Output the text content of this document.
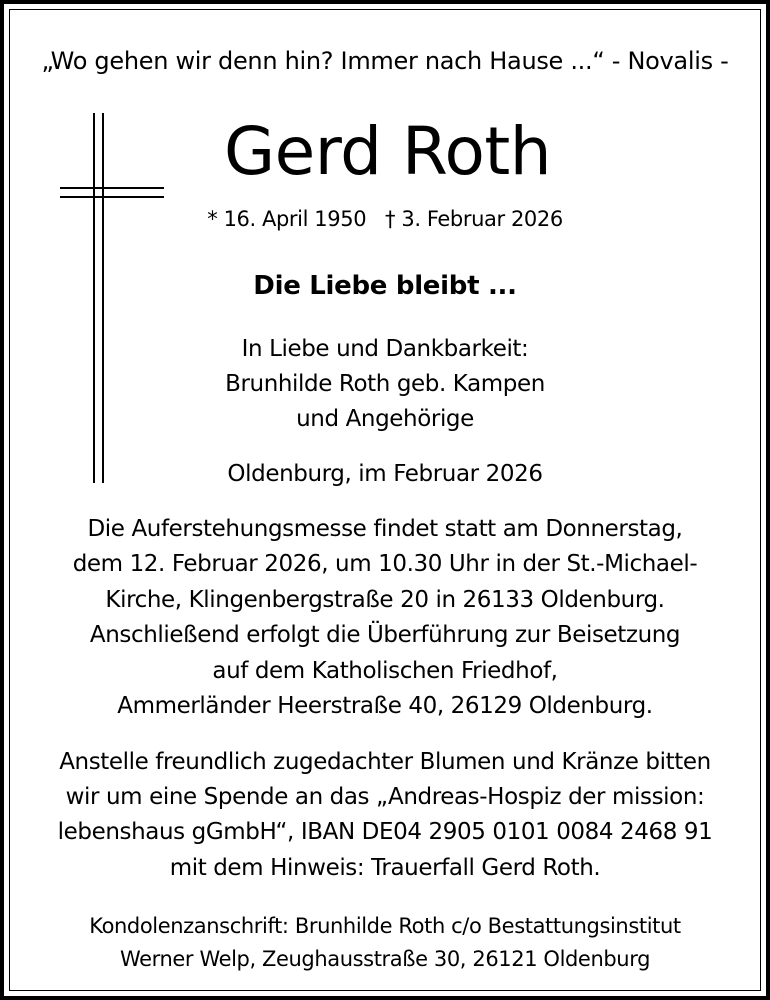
„Wo gehen wir denn hin? Immer nach Hause ...“ - Novalis -
Gerd Roth
* 16. April 1950   † 3. Februar 2026
Die Liebe bleibt ...
In Liebe und Dankbarkeit:
Brunhilde Roth geb. Kampen
und Angehörige
Oldenburg, im Februar 2026
Die Auferstehungsmesse findet statt am Donnerstag,
dem 12. Februar 2026, um 10.30 Uhr in der St.-Michael-
Kirche, Klingenbergstraße 20 in 26133 Oldenburg.
Anschließend erfolgt die Überführung zur Beisetzung
auf dem Katholischen Friedhof,
Ammerländer Heerstraße 40, 26129 Oldenburg.
Anstelle freundlich zugedachter Blumen und Kränze bitten
wir um eine Spende an das „Andreas-Hospiz der mission:
lebenshaus gGmbH“, IBAN DE04 2905 0101 0084 2468 91
mit dem Hinweis: Trauerfall Gerd Roth.
Kondolenzanschrift: Brunhilde Roth c/o Bestattungsinstitut
Werner Welp, Zeughausstraße 30, 26121 Oldenburg
